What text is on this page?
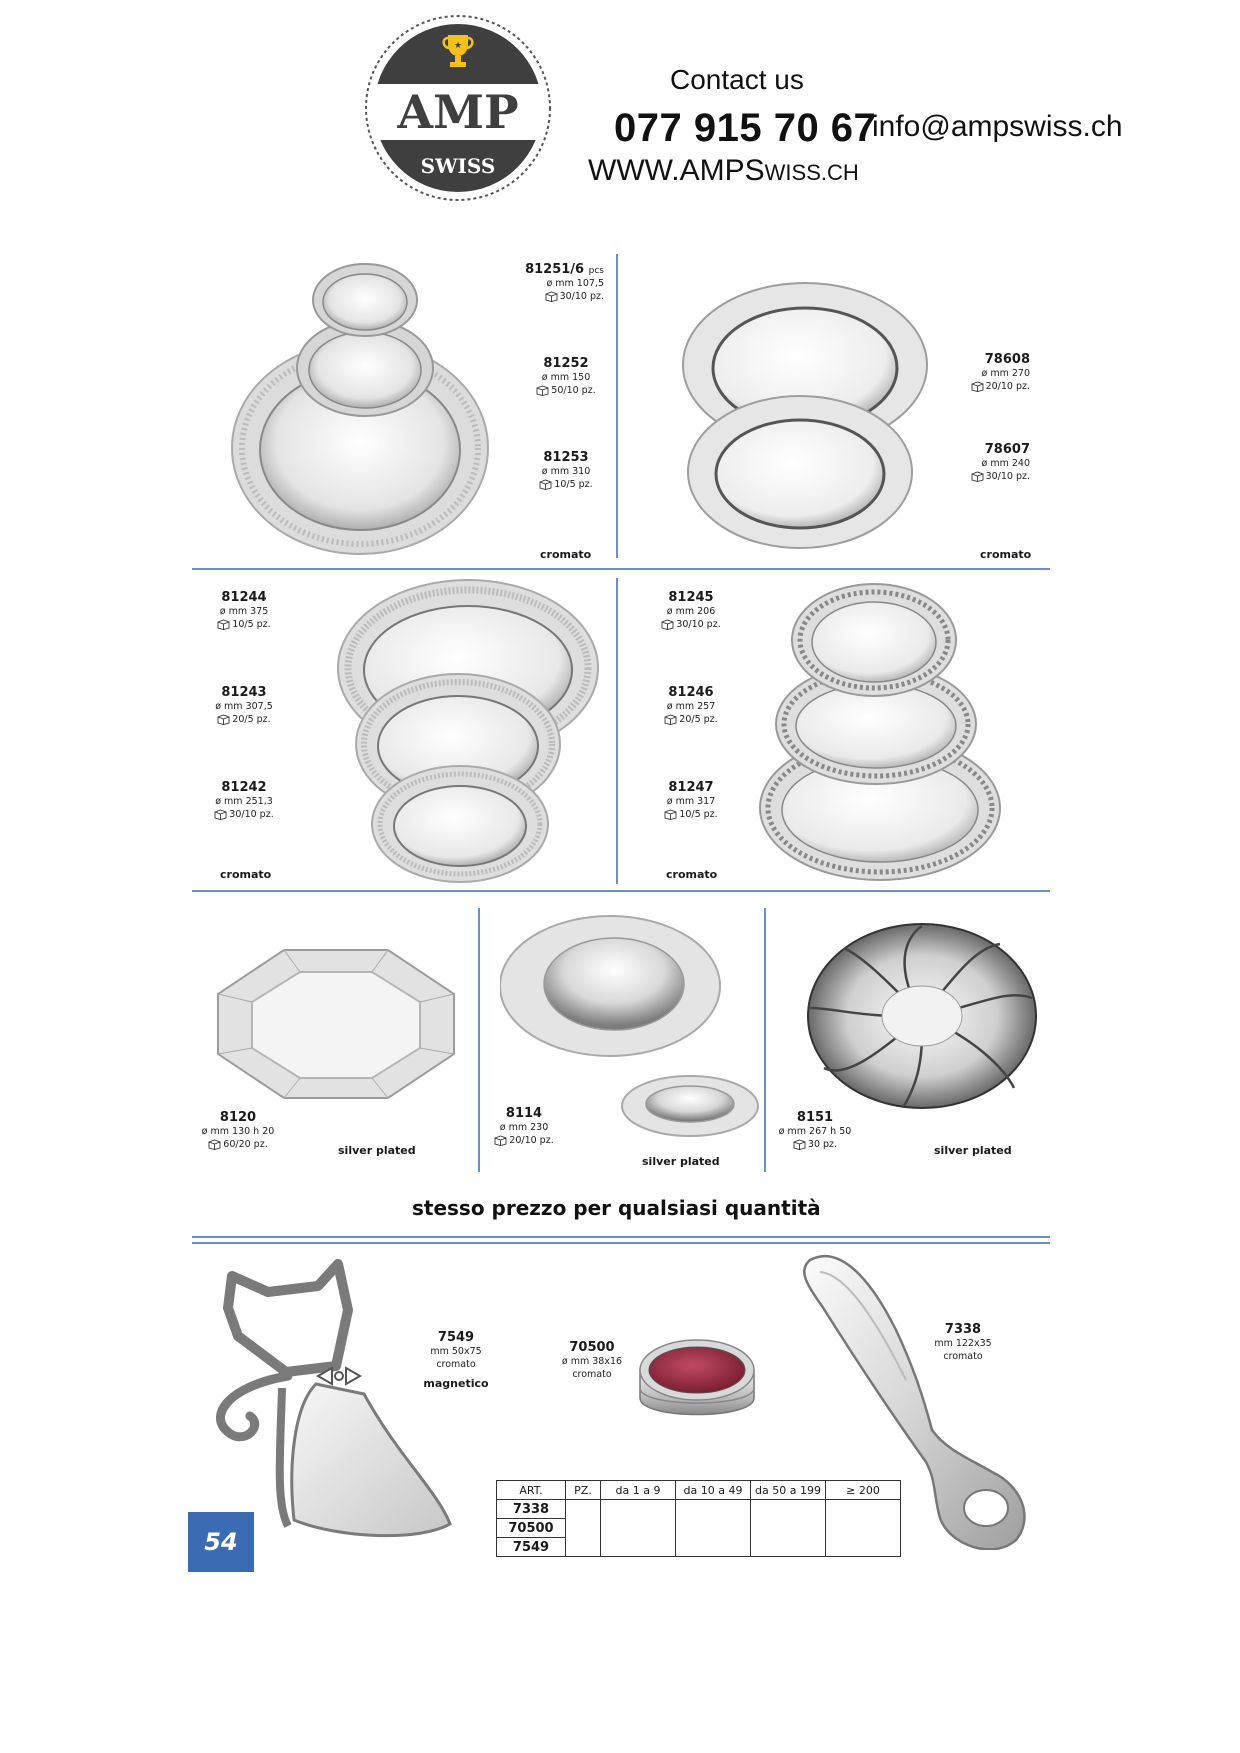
★
AMP
SWISS
Contact us
077 915 70 67
info@ampswiss.ch
WWW.AMPSWISS.CH
81251/6 pcs
ø mm 107,5
30/10 pz.
81252
ø mm 150
50/10 pz.
81253
ø mm 310
10/5 pz.
cromato
78608
ø mm 270
20/10 pz.
78607
ø mm 240
30/10 pz.
cromato
81244
ø mm 375
10/5 pz.
81243
ø mm 307,5
20/5 pz.
81242
ø mm 251,3
30/10 pz.
cromato
81245
ø mm 206
30/10 pz.
81246
ø mm 257
20/5 pz.
81247
ø mm 317
10/5 pz.
cromato
8120
ø mm 130 h 20
60/20 pz.	silver plated
8114
ø mm 230
20/10 pz.
silver plated
8151
ø mm 267 h 50
30 pz.	silver plated
stesso prezzo per qualsiasi quantità
7549
mm 50x75
cromato
magnetico
70500
ø mm 38x16
cromato
7338
mm 122x35
cromato
ART.	PZ.	da 1 a 9	da 10 a 49	da 50 a 199	≥ 200
7338					
70500					
7549					
54
